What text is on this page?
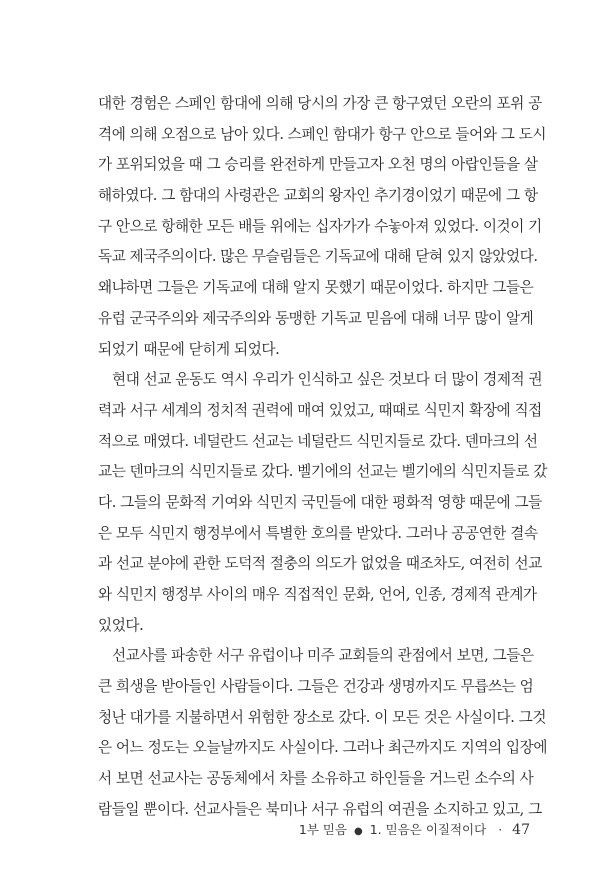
대한 경험은 스페인 함대에 의해 당시의 가장 큰 항구였던 오란의 포위 공
격에 의해 오점으로 남아 있다. 스페인 함대가 항구 안으로 들어와 그 도시
가 포위되었을 때 그 승리를 완전하게 만들고자 오천 명의 아랍인들을 살
해하였다. 그 함대의 사령관은 교회의 왕자인 추기경이었기 때문에 그 항
구 안으로 항해한 모든 배들 위에는 십자가가 수놓아져 있었다. 이것이 기
독교 제국주의이다. 많은 무슬림들은 기독교에 대해 닫혀 있지 않았었다.
왜냐하면 그들은 기독교에 대해 알지 못했기 때문이었다. 하지만 그들은
유럽 군국주의와 제국주의와 동맹한 기독교 믿음에 대해 너무 많이 알게
되었기 때문에 닫히게 되었다.
현대 선교 운동도 역시 우리가 인식하고 싶은 것보다 더 많이 경제적 권
력과 서구 세계의 정치적 권력에 매여 있었고, 때때로 식민지 확장에 직접
적으로 매였다. 네덜란드 선교는 네덜란드 식민지들로 갔다. 덴마크의 선
교는 덴마크의 식민지들로 갔다. 벨기에의 선교는 벨기에의 식민지들로 갔
다. 그들의 문화적 기여와 식민지 국민들에 대한 평화적 영향 때문에 그들
은 모두 식민지 행정부에서 특별한 호의를 받았다. 그러나 공공연한 결속
과 선교 분야에 관한 도덕적 절충의 의도가 없었을 때조차도, 여전히 선교
와 식민지 행정부 사이의 매우 직접적인 문화, 언어, 인종, 경제적 관계가
있었다.
선교사를 파송한 서구 유럽이나 미주 교회들의 관점에서 보면, 그들은
큰 희생을 받아들인 사람들이다. 그들은 건강과 생명까지도 무릅쓰는 엄
청난 대가를 지불하면서 위험한 장소로 갔다. 이 모든 것은 사실이다. 그것
은 어느 정도는 오늘날까지도 사실이다. 그러나 최근까지도 지역의 입장에
서 보면 선교사는 공동체에서 차를 소유하고 하인들을 거느린 소수의 사
람들일 뿐이다. 선교사들은 북미나 서구 유럽의 여권을 소지하고 있고, 그
1부 믿음 ● 1. 믿음은 이질적이다 · 47
